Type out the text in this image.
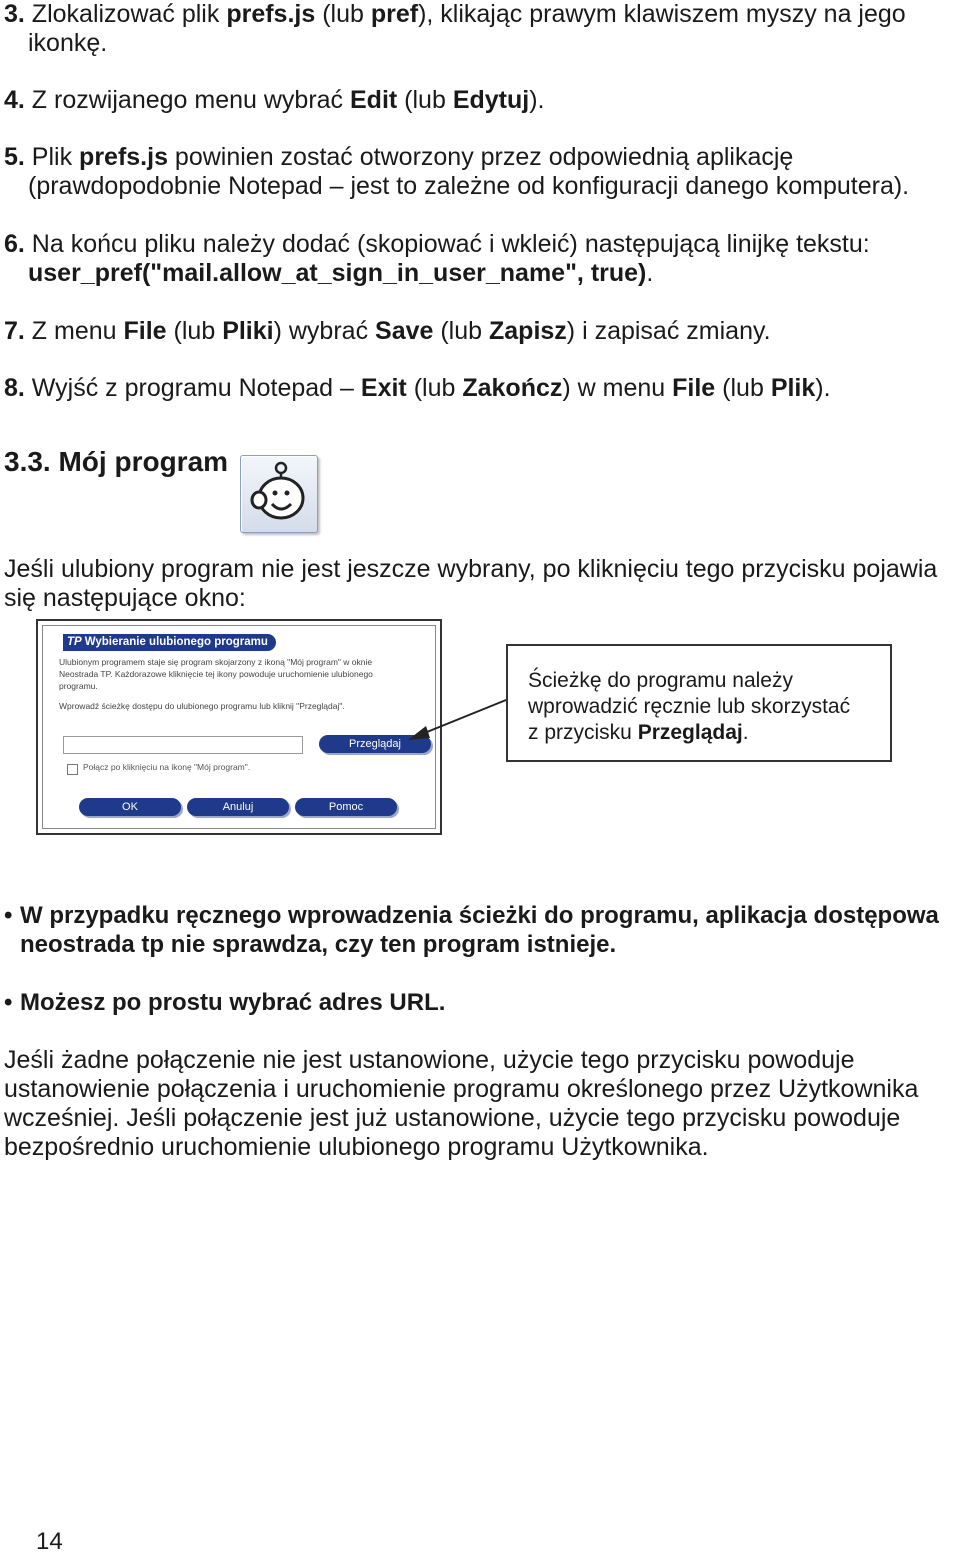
3. Zlokalizować plik prefs.js (lub pref), klikając prawym klawiszem myszy na jego
ikonkę.

4. Z rozwijanego menu wybrać Edit (lub Edytuj).

5. Plik prefs.js powinien zostać otworzony przez odpowiednią aplikację
(prawdopodobnie Notepad – jest to zależne od konfiguracji danego komputera).

6. Na końcu pliku należy dodać (skopiować i wkleić) następującą linijkę tekstu:
user_pref("mail.allow_at_sign_in_user_name", true).

7. Z menu File (lub Pliki) wybrać Save (lub Zapisz) i zapisać zmiany.

8. Wyjść z programu Notepad – Exit (lub Zakończ) w menu File (lub Plik).

3.3. Mój program

Jeśli ulubiony program nie jest jeszcze wybrany, po kliknięciu tego przycisku pojawia się następujące okno:

TP Wybieranie ulubionego programu

Ulubionym programem staje się program skojarzony z ikoną "Mój program" w oknie
Neostrada TP. Każdorazowe kliknięcie tej ikony powoduje uruchomienie ulubionego
programu.

Wprowadź ścieżkę dostępu do ulubionego programu lub kliknij "Przeglądaj".

Przeglądaj
Połącz po kliknięciu na ikonę "Mój program".
OK	Anuluj	Pomoc

Ścieżkę do programu należy
wprowadzić ręcznie lub skorzystać
z przycisku Przeglądaj.

• W przypadku ręcznego wprowadzenia ścieżki do programu, aplikacja dostępowa
neostrada tp nie sprawdza, czy ten program istnieje.

• Możesz po prostu wybrać adres URL.

Jeśli żadne połączenie nie jest ustanowione, użycie tego przycisku powoduje ustanowienie połączenia i uruchomienie programu określonego przez Użytkownika wcześniej. Jeśli połączenie jest już ustanowione, użycie tego przycisku powoduje bezpośrednio uruchomienie ulubionego programu Użytkownika.

14
